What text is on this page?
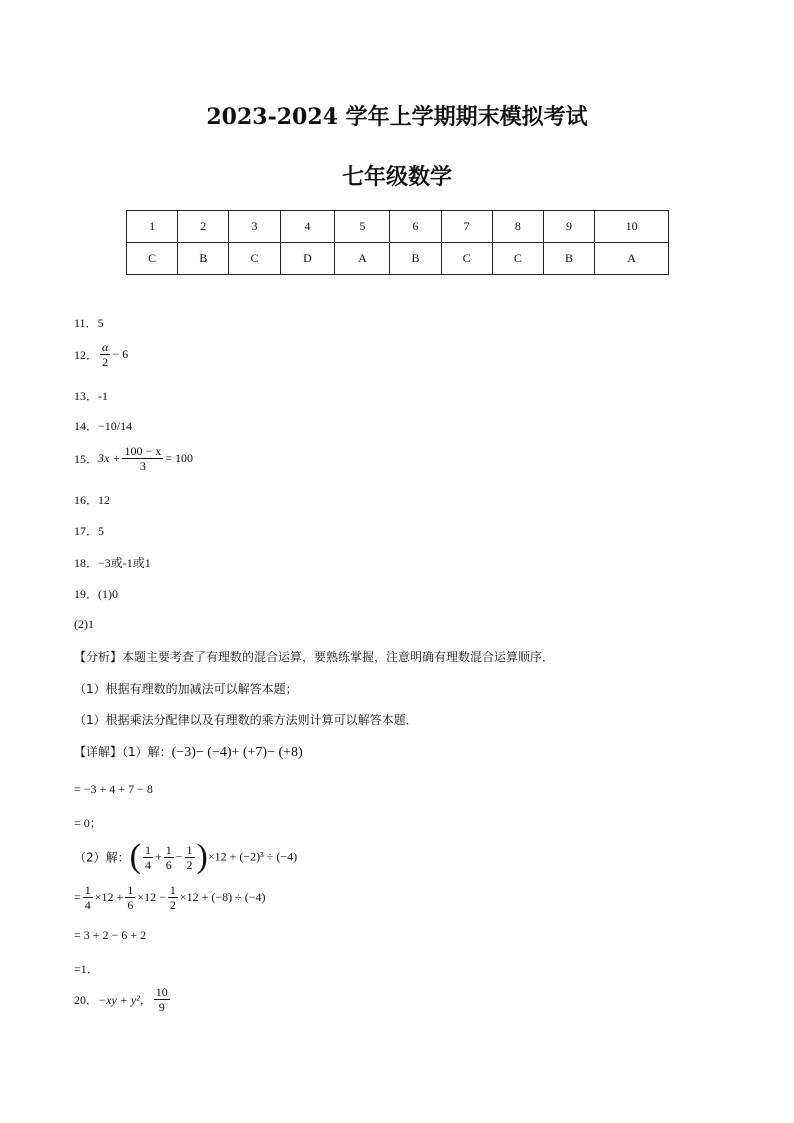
2023-2024 学年上学期期末模拟考试
七年级数学
1	2	3	4	5	6	7	8	9	10
C	B	C	D	A	B	C	C	B	A
11．5
12． $\frac{\alpha}{2} - 6$
13．-1
14．−10/14
15．$3x + \frac{100 - x}{3} = 100$
16．12
17．5
18．−3或-1或1
19．(1)0
(2)1
【分析】本题主要考查了有理数的混合运算，要熟练掌握，注意明确有理数混合运算顺序．
（1）根据有理数的加减法可以解答本题；
（1）根据乘法分配律以及有理数的乘方法则计算可以解答本题．
【详解】（1）解：(−3)− (−4)+ (+7)− (+8)
= −3 + 4 + 7 − 8
= 0；
（2）解：( $\frac{1}{4} + \frac{1}{6} - \frac{1}{2} )\times 12 + (-2)^3 \div (-4)$
= $\frac{1}{4} \times 12 + \frac{1}{6} \times 12 - \frac{1}{2} \times 12 + (-8) \div (-4)$
= 3 + 2 − 6 + 2
=1．
20．−xy + y²， $\frac{10}{9}$
